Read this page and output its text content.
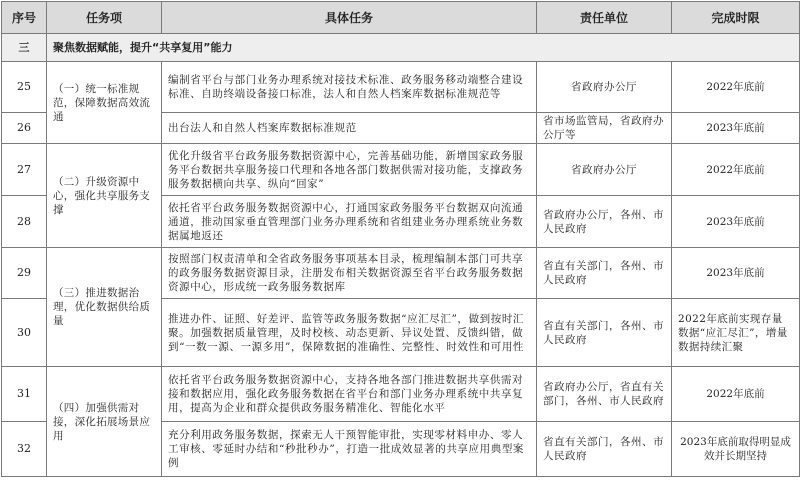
序号	任务项	具体任务	责任单位	完成时限
三	聚焦数据赋能，提升“共享复用”能力			
25	（一）统一标准规范，保障数据高效流通	编制省平台与部门业务办理系统对接技术标准、政务服务移动端整合建设标准、自助终端设备接口标准，法人和自然人档案库数据标准规范等	省政府办公厅	2022年底前
26		出台法人和自然人档案库数据标准规范	省市场监管局，省政府办公厅等	2023年底前
27	（二）升级资源中心，强化共享服务支撑	优化升级省平台政务服务数据资源中心，完善基础功能，新增国家政务服务平台数据共享服务接口代理和各地各部门数据供需对接功能，支撑政务服务数据横向共享、纵向“回家”	省政府办公厅	2022年底前
28		依托省平台政务服务数据资源中心，打通国家政务服务平台数据双向流通通道，推动国家垂直管理部门业务办理系统和省组建业务办理系统业务数据属地返还	省政府办公厅，各州、市人民政府	2023年底前
29	（三）推进数据治理，优化数据供给质量	按照部门权责清单和全省政务服务事项基本目录，梳理编制本部门可共享的政务服务数据资源目录，注册发布相关数据资源至省平台政务服务数据资源中心，形成统一政务服务数据库	省直有关部门，各州、市人民政府	2023年底前
30		推进办件、证照、好差评、监管等政务服务数据“应汇尽汇”，做到按时汇聚。加强数据质量管理，及时校核、动态更新、异议处置、反馈纠错，做到“一数一源、一源多用”，保障数据的准确性、完整性、时效性和可用性	省直有关部门，各州、市人民政府	2022年底前实现存量数据“应汇尽汇”，增量数据持续汇聚
31	（四）加强供需对接，深化拓展场景应用	依托省平台政务服务数据资源中心，支持各地各部门推进数据共享供需对接和数据应用，强化政务服务数据在省平台和部门业务办理系统中共享复用，提高为企业和群众提供政务服务精准化、智能化水平	省政府办公厅，省直有关部门，各州、市人民政府	2022年底前
32		充分利用政务服务数据，探索无人干预智能审批，实现零材料申办、零人工审核、零延时办结和“秒批秒办”，打造一批成效显著的共享应用典型案例	省直有关部门，各州、市人民政府	2023年底前取得明显成效并长期坚持
